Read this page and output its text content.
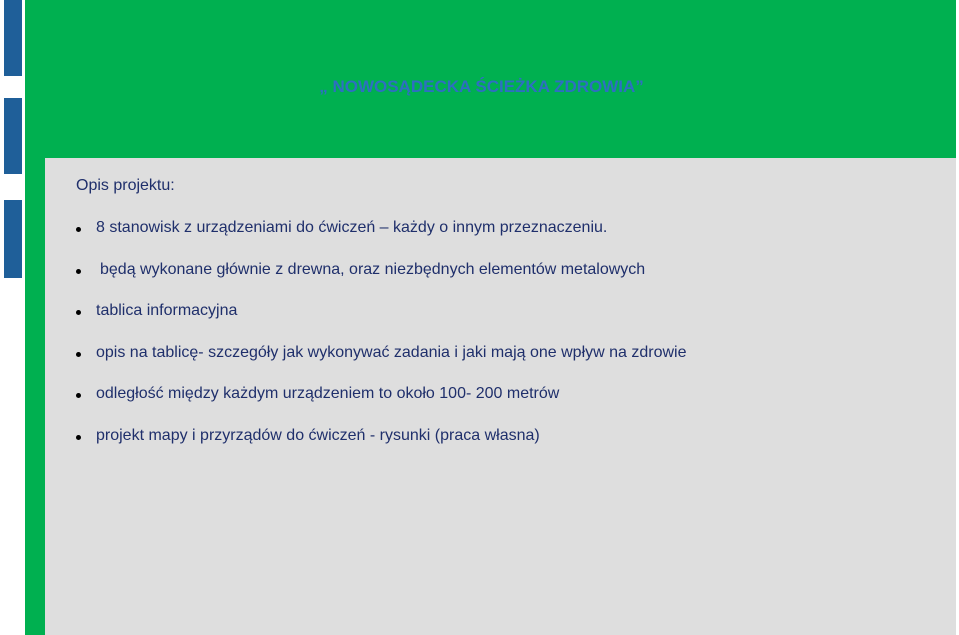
„ NOWOSĄDECKA ŚCIEŻKA ZDROWIA”
Opis projektu:
8 stanowisk z urządzeniami do ćwiczeń – każdy o innym przeznaczeniu.
będą wykonane głównie z drewna, oraz niezbędnych elementów metalowych
tablica informacyjna
opis na tablicę- szczegóły jak wykonywać zadania i jaki mają one wpływ na zdrowie
odległość między każdym urządzeniem to około 100- 200 metrów
projekt mapy i przyrządów do ćwiczeń - rysunki (praca własna)
